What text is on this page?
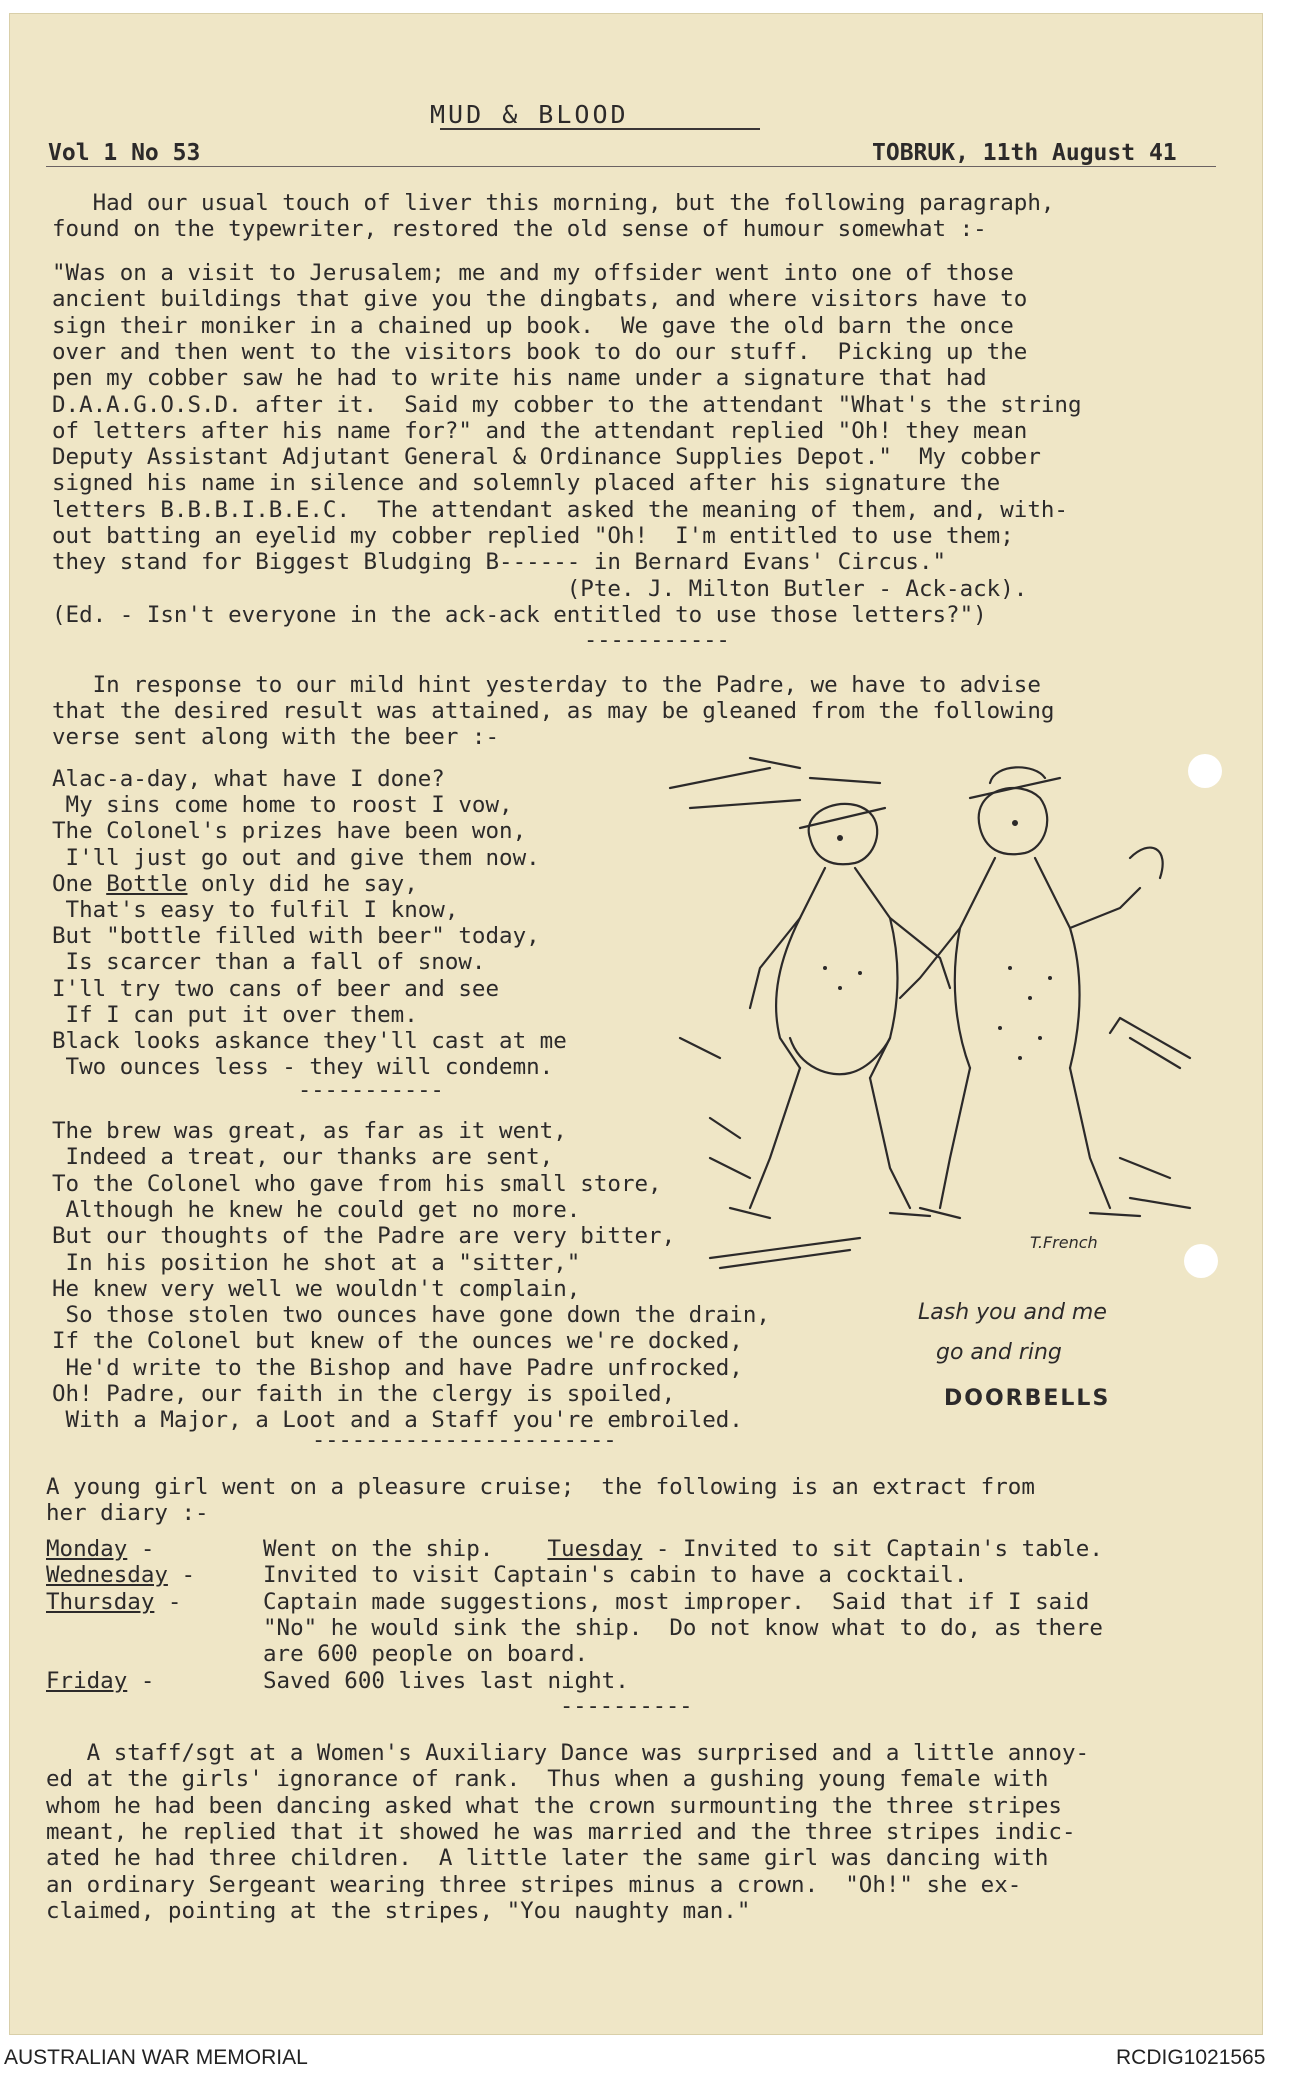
MUD & BLOOD
Vol 1 No 53	TOBRUK, 11th August 41
Had our usual touch of liver this morning, but the following paragraph,
found on the typewriter, restored the old sense of humour somewhat :-
"Was on a visit to Jerusalem; me and my offsider went into one of those
ancient buildings that give you the dingbats, and where visitors have to
sign their moniker in a chained up book.  We gave the old barn the once
over and then went to the visitors book to do our stuff.  Picking up the
pen my cobber saw he had to write his name under a signature that had
D.A.A.G.O.S.D. after it.  Said my cobber to the attendant "What's the string
of letters after his name for?" and the attendant replied "Oh! they mean
Deputy Assistant Adjutant General & Ordinance Supplies Depot."  My cobber
signed his name in silence and solemnly placed after his signature the
letters B.B.B.I.B.E.C.  The attendant asked the meaning of them, and, with-
out batting an eyelid my cobber replied "Oh!  I'm entitled to use them;
they stand for Biggest Bludging B------ in Bernard Evans' Circus."
(Pte. J. Milton Butler - Ack-ack).
(Ed. - Isn't everyone in the ack-ack entitled to use those letters?")
-----------
In response to our mild hint yesterday to the Padre, we have to advise
that the desired result was attained, as may be gleaned from the following
verse sent along with the beer :-
Alac-a-day, what have I done?
My sins come home to roost I vow,
The Colonel's prizes have been won,
I'll just go out and give them now.
One Bottle only did he say,
That's easy to fulfil I know,
But "bottle filled with beer" today,
Is scarcer than a fall of snow.
I'll try two cans of beer and see
If I can put it over them.
Black looks askance they'll cast at me
Two ounces less - they will condemn.
-----------
The brew was great, as far as it went,
Indeed a treat, our thanks are sent,
To the Colonel who gave from his small store,
Although he knew he could get no more.
But our thoughts of the Padre are very bitter,
In his position he shot at a "sitter,"
He knew very well we wouldn't complain,
So those stolen two ounces have gone down the drain,
If the Colonel but knew of the ounces we're docked,
He'd write to the Bishop and have Padre unfrocked,
Oh! Padre, our faith in the clergy is spoiled,
With a Major, a Loot and a Staff you're embroiled.
-----------------------
T.French
Lash you and me
go and ring
DOORBELLS
A young girl went on a pleasure cruise;  the following is an extract from
her diary :-
Monday -	Went on the ship.    Tuesday - Invited to sit Captain's table.
Wednesday -	Invited to visit Captain's cabin to have a cocktail.
Thursday -	Captain made suggestions, most improper.  Said that if I said
"No" he would sink the ship.  Do not know what to do, as there
are 600 people on board.
Friday -	Saved 600 lives last night.
----------
A staff/sgt at a Women's Auxiliary Dance was surprised and a little annoy-
ed at the girls' ignorance of rank.  Thus when a gushing young female with
whom he had been dancing asked what the crown surmounting the three stripes
meant, he replied that it showed he was married and the three stripes indic-
ated he had three children.  A little later the same girl was dancing with
an ordinary Sergeant wearing three stripes minus a crown.  "Oh!" she ex-
claimed, pointing at the stripes, "You naughty man."
AUSTRALIAN WAR MEMORIAL	RCDIG1021565
